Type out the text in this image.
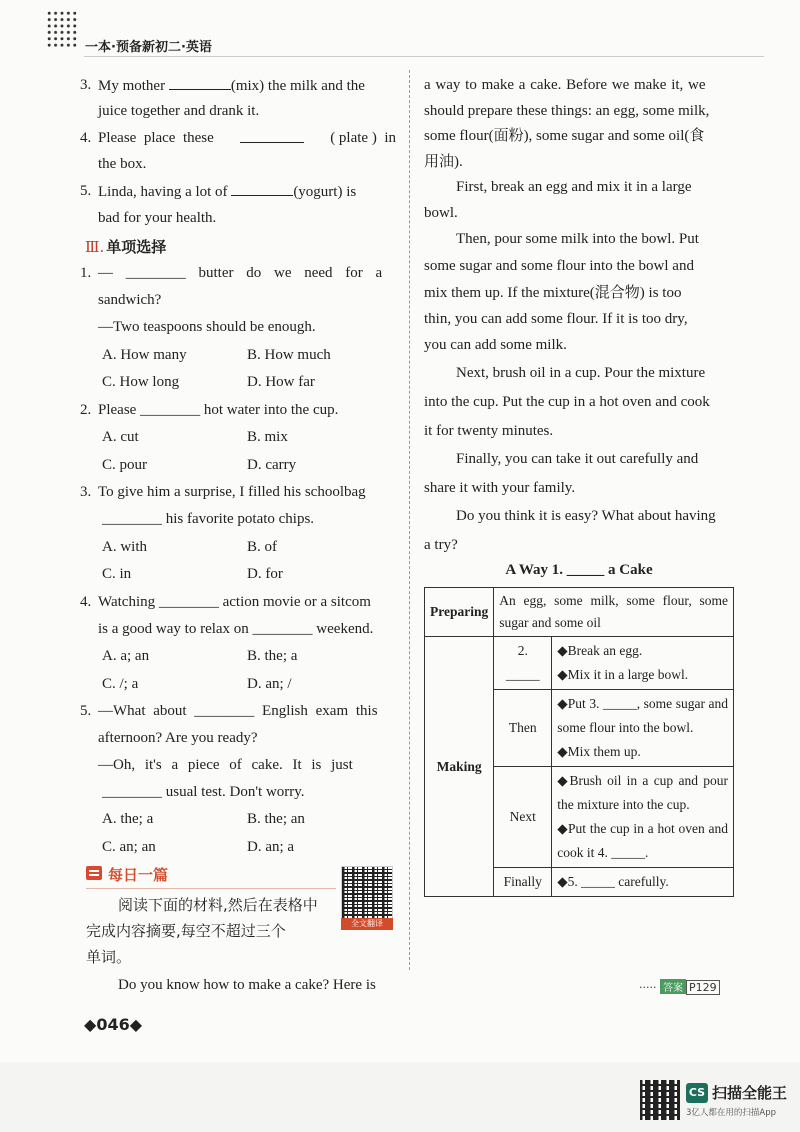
一本·预备新初二·英语
3. My mother	(mix) the milk and the
juice together and drank it.
4. Please  place  these	( plate )  in
the box.
5. Linda, having a lot of	(yogurt) is
bad for your health.
Ⅲ. 单项选择
1. — ________ butter do we need for a
sandwich?
—Two teaspoons should be enough.
A. How many	B. How much
C. How long	D. How far
2. Please ________ hot water into the cup.
A. cut	B. mix
C. pour	D. carry
3. To give him a surprise, I filled his schoolbag
________ his favorite potato chips.
A. with	B. of
C. in	D. for
4. Watching ________ action movie or a sitcom
is a good way to relax on ________ weekend.
A. a; an	B. the; a
C. /; a	D. an; /
5. —What about ________ English exam this
afternoon? Are you ready?
—Oh, it's a piece of cake. It is just
________ usual test. Don't worry.
A. the; a	B. the; an
C. an; an	D. an; a
每日一篇
全文翻译
阅读下面的材料,然后在表格中
完成内容摘要,每空不超过三个
单词。
Do you know how to make a cake? Here is
a way to make a cake. Before we make it, we
should prepare these things: an egg, some milk,
some flour(面粉), some sugar and some oil(食
用油).
First, break an egg and mix it in a large
bowl.
Then, pour some milk into the bowl. Put
some sugar and some flour into the bowl and
mix them up. If the mixture(混合物) is too
thin, you can add some flour. If it is too dry,
you can add some milk.
Next, brush oil in a cup. Pour the mixture
into the cup. Put the cup in a hot oven and cook
it for twenty minutes.
Finally, you can take it out carefully and
share it with your family.
Do you think it is easy? What about having
a try?
A Way 1. _____ a Cake
Preparing	An egg, some milk, some flour, some sugar and some oil	
Making	2. _____	◆Break an egg.
◆Mix it in a large bowl.

	Then	◆Put 3. _____, some sugar and some flour into the bowl.
◆Mix them up.

	Next	◆Brush oil in a cup and pour the mixture into the cup.
◆Put the cup in a hot oven and cook it 4. _____.

	Finally	◆5. _____ carefully.
····· 答案 P129
◆046◆
CS 扫描全能王
3亿人都在用的扫描App
